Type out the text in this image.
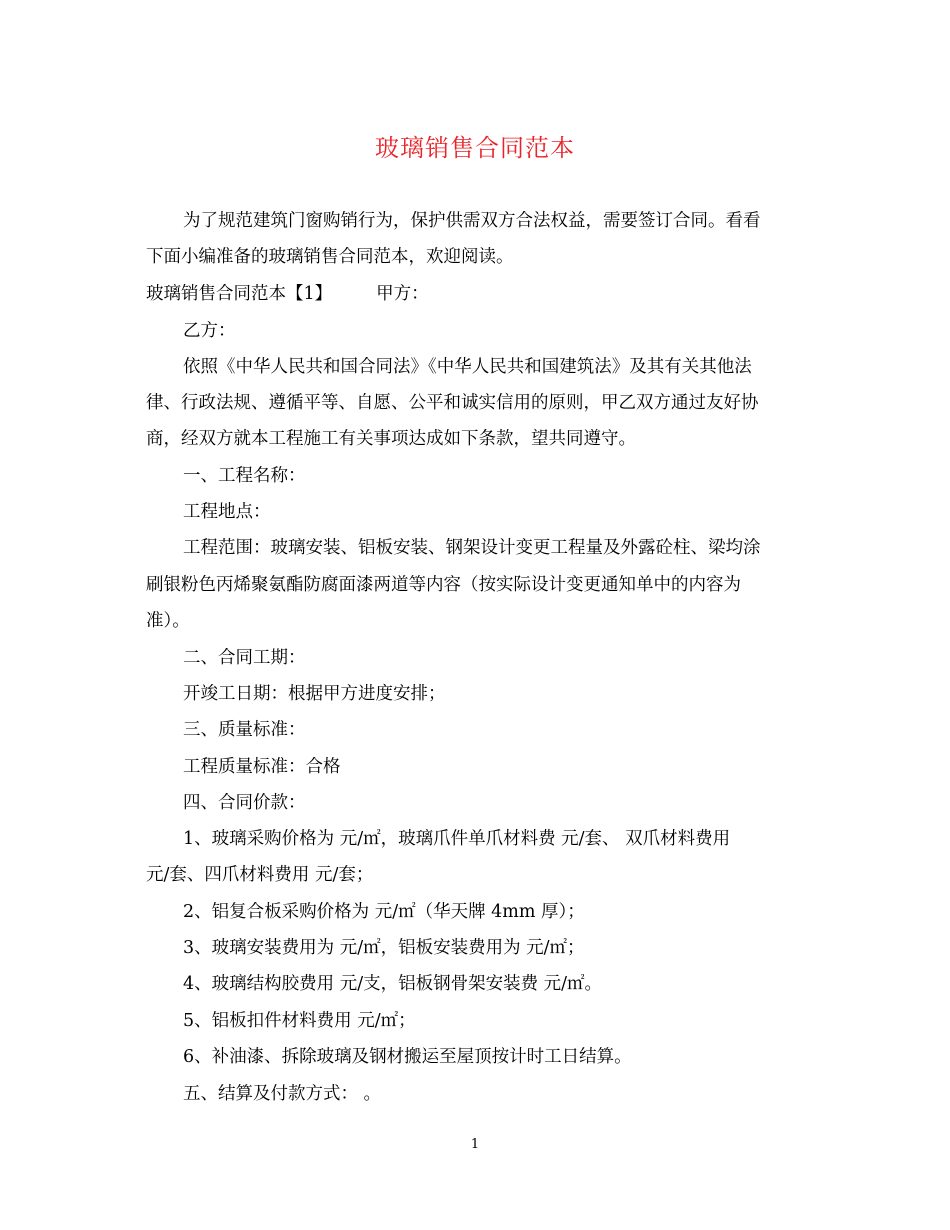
玻璃销售合同范本
为了规范建筑门窗购销行为，保护供需双方合法权益，需要签订合同。看看
下面小编准备的玻璃销售合同范本，欢迎阅读。
玻璃销售合同范本【1】	甲方：
乙方：
依照《中华人民共和国合同法》《中华人民共和国建筑法》及其有关其他法
律、行政法规、遵循平等、自愿、公平和诚实信用的原则，甲乙双方通过友好协
商，经双方就本工程施工有关事项达成如下条款，望共同遵守。
一、工程名称：
工程地点：
工程范围：玻璃安装、铝板安装、钢架设计变更工程量及外露砼柱、梁均涂
刷银粉色丙烯聚氨酯防腐面漆两道等内容（按实际设计变更通知单中的内容为
准）。
二、合同工期：
开竣工日期：根据甲方进度安排；
三、质量标准：
工程质量标准：合格
四、合同价款：
1、玻璃采购价格为 元/㎡，玻璃爪件单爪材料费 元/套、 双爪材料费用
元/套、四爪材料费用 元/套；
2、铝复合板采购价格为 元/㎡（华天牌 4mm 厚）；
3、玻璃安装费用为 元/㎡，铝板安装费用为 元/㎡；
4、玻璃结构胶费用 元/支，铝板钢骨架安装费 元/㎡。
5、铝板扣件材料费用 元/㎡；
6、补油漆、拆除玻璃及钢材搬运至屋顶按计时工日结算。
五、结算及付款方式： 。
1
